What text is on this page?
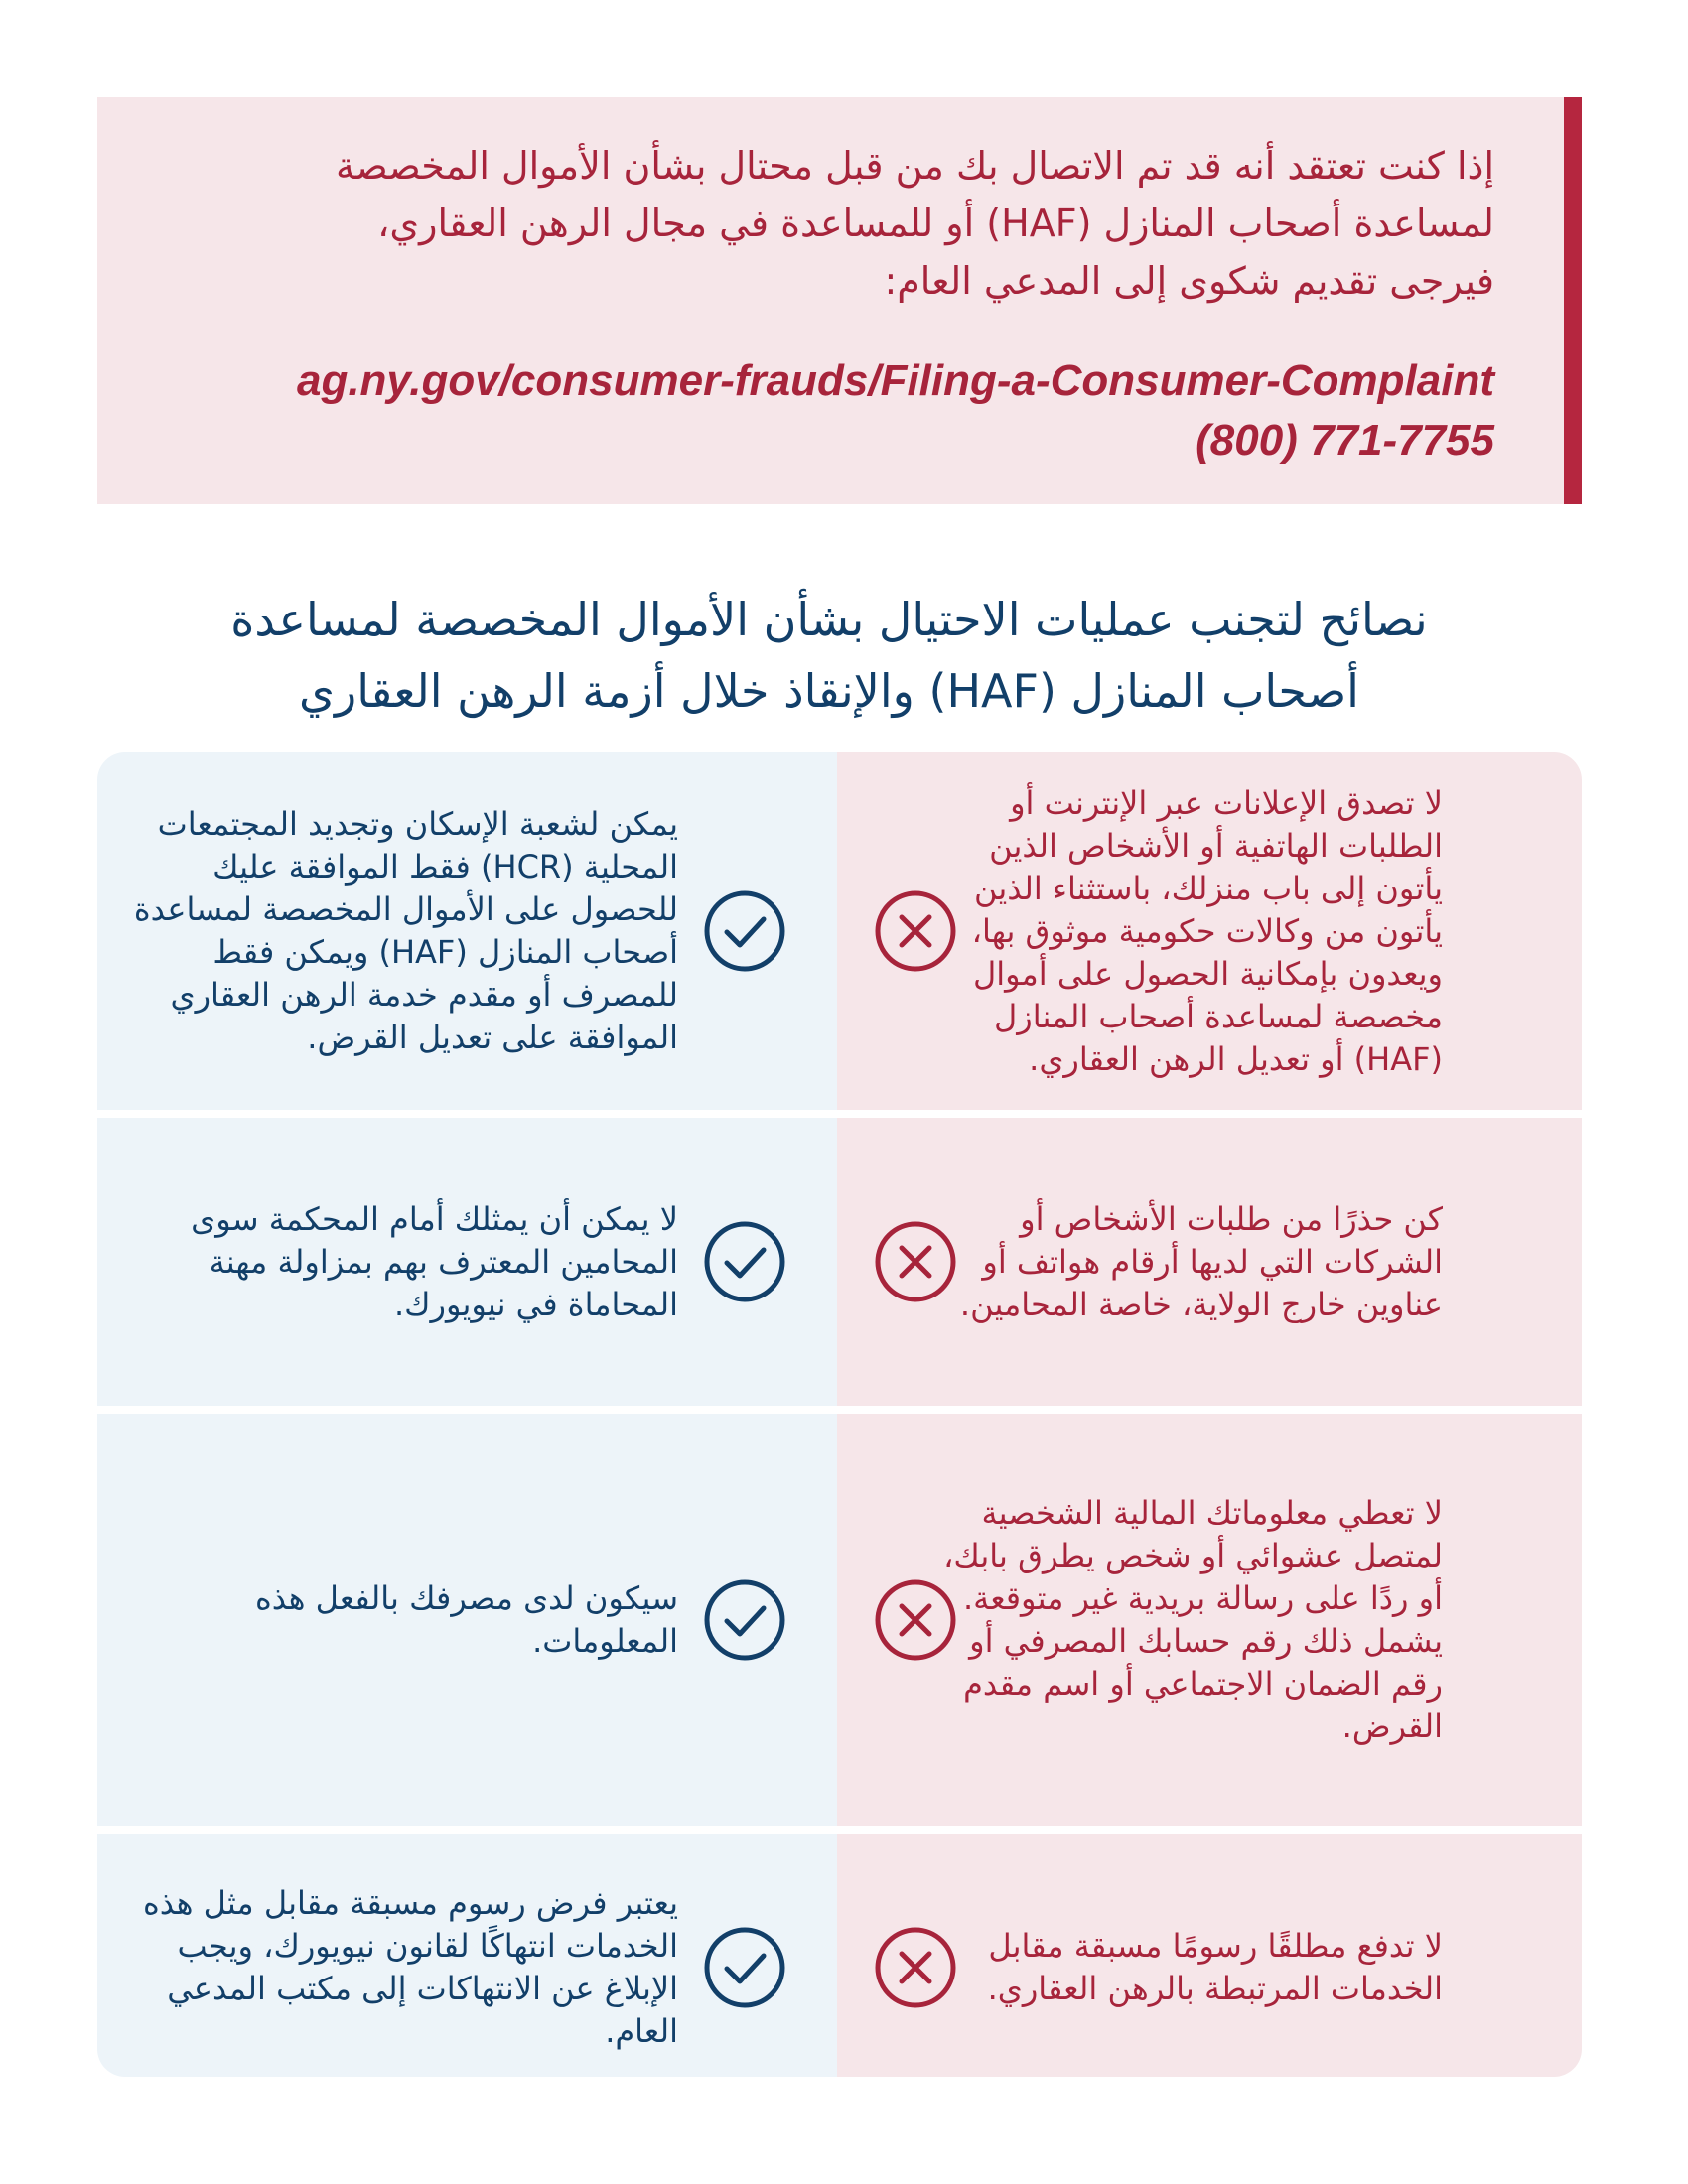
إذا كنت تعتقد أنه قد تم الاتصال بك من قبل محتال بشأن الأموال المخصصة
لمساعدة أصحاب المنازل (HAF) أو للمساعدة في مجال الرهن العقاري،
فيرجى تقديم شكوى إلى المدعي العام:
ag.ny.gov/consumer-frauds/Filing-a-Consumer-Complaint
(800) 771-7755
نصائح لتجنب عمليات الاحتيال بشأن الأموال المخصصة لمساعدة
أصحاب المنازل (HAF) والإنقاذ خلال أزمة الرهن العقاري
يمكن لشعبة الإسكان وتجديد المجتمعات المحلية (HCR) فقط الموافقة عليك للحصول على الأموال المخصصة لمساعدة أصحاب المنازل (HAF) ويمكن فقط للمصرف أو مقدم خدمة الرهن العقاري الموافقة على تعديل القرض.
لا تصدق الإعلانات عبر الإنترنت أو الطلبات الهاتفية أو الأشخاص الذين يأتون إلى باب منزلك، باستثناء الذين يأتون من وكالات حكومية موثوق بها، ويعدون بإمكانية الحصول على أموال مخصصة لمساعدة أصحاب المنازل (HAF) أو تعديل الرهن العقاري.
لا يمكن أن يمثلك أمام المحكمة سوى المحامين المعترف بهم بمزاولة مهنة المحاماة في نيويورك.
كن حذرًا من طلبات الأشخاص أو الشركات التي لديها أرقام هواتف أو عناوين خارج الولاية، خاصة المحامين.
سيكون لدى مصرفك بالفعل هذه المعلومات.
لا تعطي معلوماتك المالية الشخصية لمتصل عشوائي أو شخص يطرق بابك، أو ردًا على رسالة بريدية غير متوقعة. يشمل ذلك رقم حسابك المصرفي أو رقم الضمان الاجتماعي أو اسم مقدم القرض.
يعتبر فرض رسوم مسبقة مقابل مثل هذه الخدمات انتهاكًا لقانون نيويورك، ويجب الإبلاغ عن الانتهاكات إلى مكتب المدعي العام.
لا تدفع مطلقًا رسومًا مسبقة مقابل الخدمات المرتبطة بالرهن العقاري.
